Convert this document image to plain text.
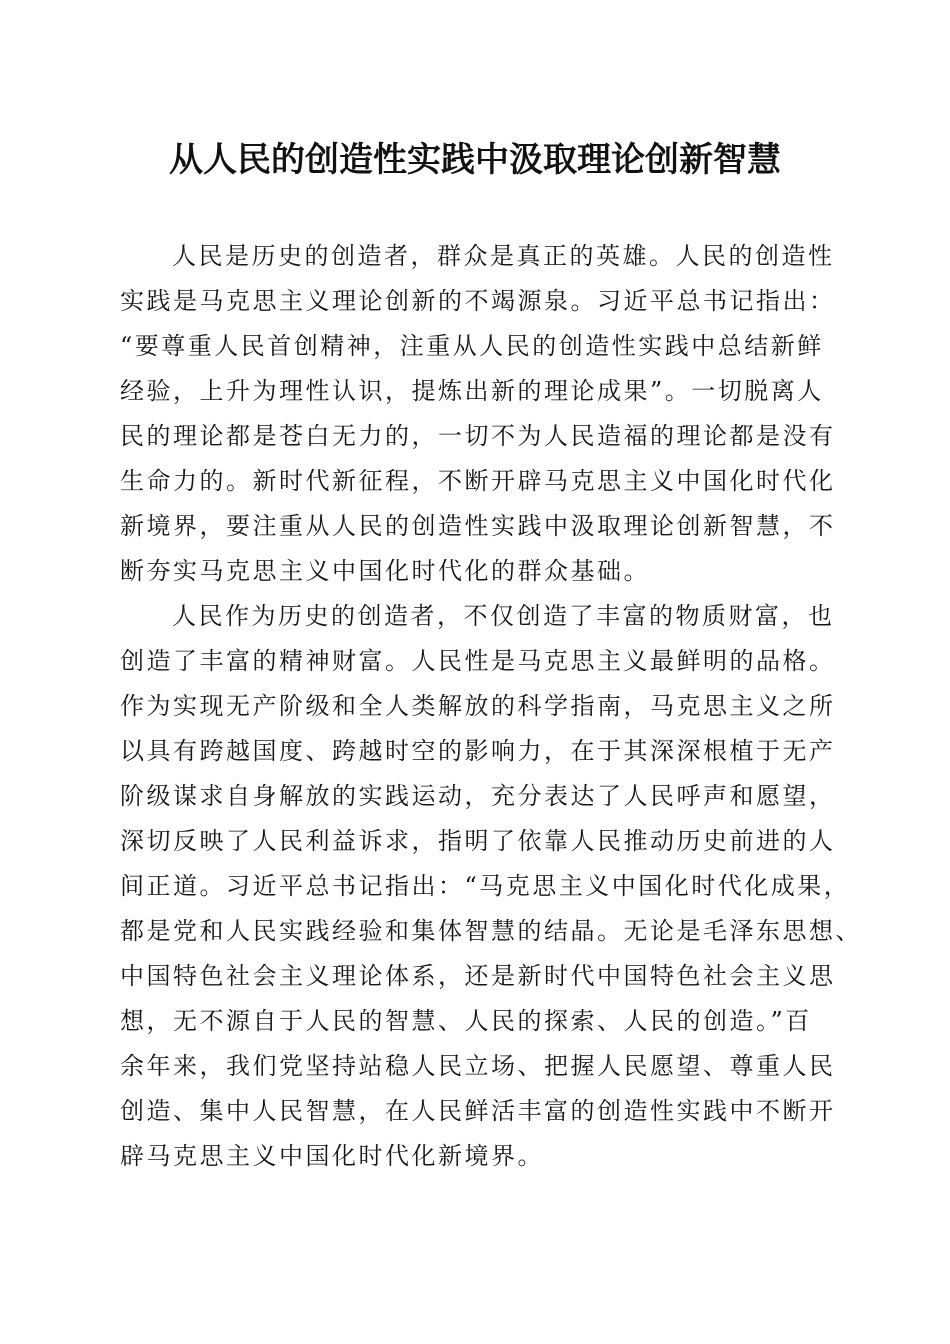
从人民的创造性实践中汲取理论创新智慧
人民是历史的创造者，群众是真正的英雄。人民的创造性
实践是马克思主义理论创新的不竭源泉。习近平总书记指出：
“要尊重人民首创精神，注重从人民的创造性实践中总结新鲜
经验，上升为理性认识，提炼出新的理论成果”。一切脱离人
民的理论都是苍白无力的，一切不为人民造福的理论都是没有
生命力的。新时代新征程，不断开辟马克思主义中国化时代化
新境界，要注重从人民的创造性实践中汲取理论创新智慧，不
断夯实马克思主义中国化时代化的群众基础。
人民作为历史的创造者，不仅创造了丰富的物质财富，也
创造了丰富的精神财富。人民性是马克思主义最鲜明的品格。
作为实现无产阶级和全人类解放的科学指南，马克思主义之所
以具有跨越国度、跨越时空的影响力，在于其深深根植于无产
阶级谋求自身解放的实践运动，充分表达了人民呼声和愿望，
深切反映了人民利益诉求，指明了依靠人民推动历史前进的人
间正道。习近平总书记指出：“马克思主义中国化时代化成果，
都是党和人民实践经验和集体智慧的结晶。无论是毛泽东思想、
中国特色社会主义理论体系，还是新时代中国特色社会主义思
想，无不源自于人民的智慧、人民的探索、人民的创造。”百
余年来，我们党坚持站稳人民立场、把握人民愿望、尊重人民
创造、集中人民智慧，在人民鲜活丰富的创造性实践中不断开
辟马克思主义中国化时代化新境界。
